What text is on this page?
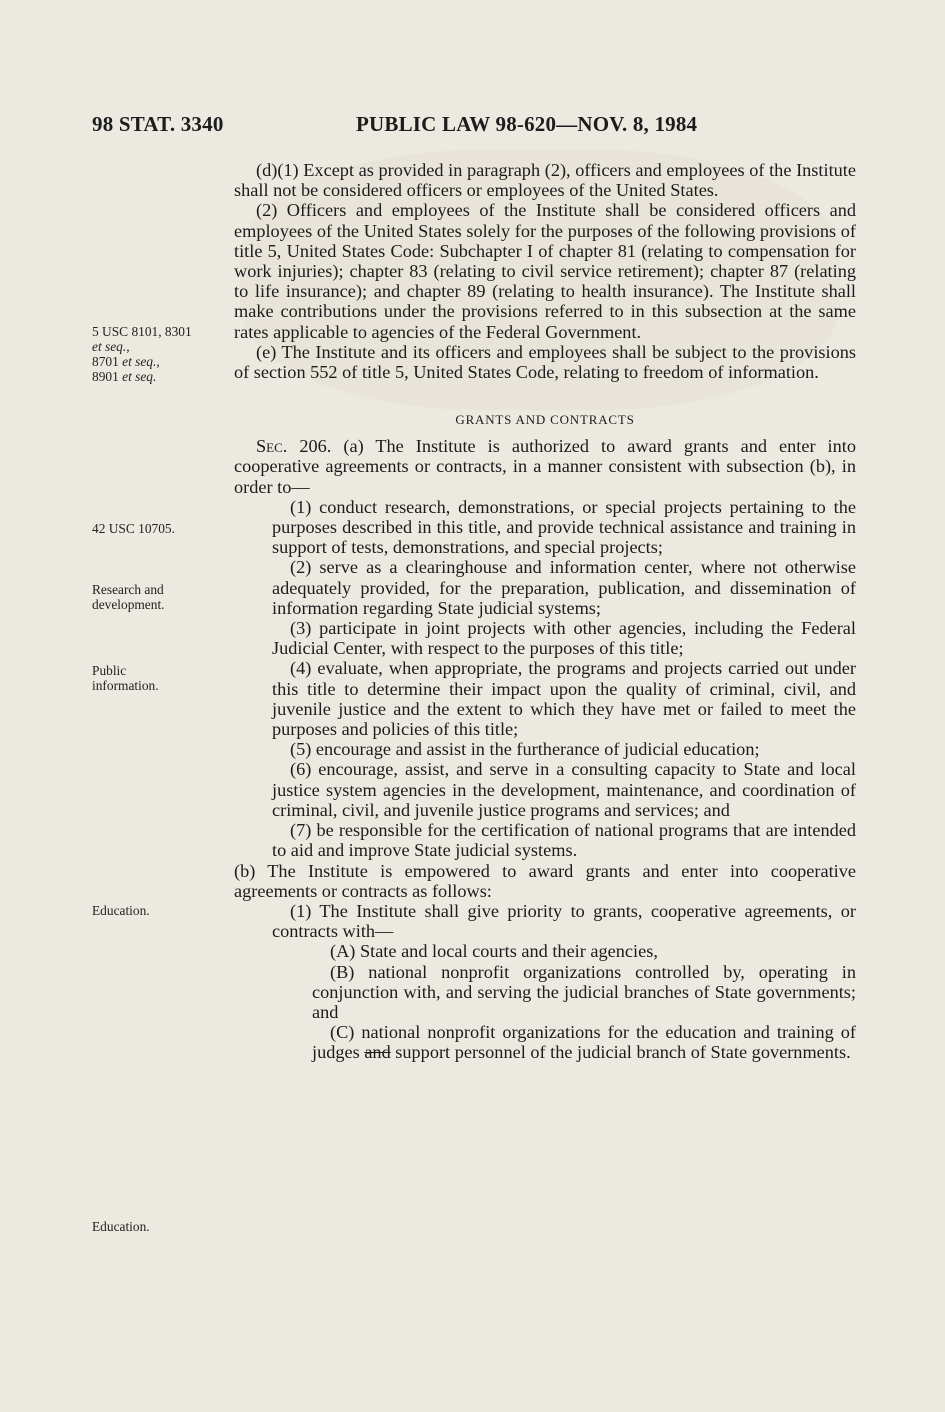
98 STAT. 3340	PUBLIC LAW 98-620—NOV. 8, 1984
5 USC 8101, 8301
et seq.,
8701 et seq.,
8901 et seq.
42 USC 10705.
Research and development.
Public information.
Education.
Education.

(d)(1) Except as provided in paragraph (2), officers and employees of the Institute shall not be considered officers or employees of the United States.

(2) Officers and employees of the Institute shall be considered officers and employees of the United States solely for the purposes of the following provisions of title 5, United States Code: Subchapter I of chapter 81 (relating to compensation for work injuries); chapter 83 (relating to civil service retirement); chapter 87 (relating to life insurance); and chapter 89 (relating to health insurance). The Institute shall make contributions under the provisions referred to in this subsection at the same rates applicable to agencies of the Federal Government.

(e) The Institute and its officers and employees shall be subject to the provisions of section 552 of title 5, United States Code, relating to freedom of information.

GRANTS AND CONTRACTS

Sec. 206. (a) The Institute is authorized to award grants and enter into cooperative agreements or contracts, in a manner consistent with subsection (b), in order to—

(1) conduct research, demonstrations, or special projects pertaining to the purposes described in this title, and provide technical assistance and training in support of tests, demonstrations, and special projects;

(2) serve as a clearinghouse and information center, where not otherwise adequately provided, for the preparation, publication, and dissemination of information regarding State judicial systems;

(3) participate in joint projects with other agencies, including the Federal Judicial Center, with respect to the purposes of this title;

(4) evaluate, when appropriate, the programs and projects carried out under this title to determine their impact upon the quality of criminal, civil, and juvenile justice and the extent to which they have met or failed to meet the purposes and policies of this title;

(5) encourage and assist in the furtherance of judicial education;

(6) encourage, assist, and serve in a consulting capacity to State and local justice system agencies in the development, maintenance, and coordination of criminal, civil, and juvenile justice programs and services; and

(7) be responsible for the certification of national programs that are intended to aid and improve State judicial systems.

(b) The Institute is empowered to award grants and enter into cooperative agreements or contracts as follows:

(1) The Institute shall give priority to grants, cooperative agreements, or contracts with—

(A) State and local courts and their agencies,

(B) national nonprofit organizations controlled by, operating in conjunction with, and serving the judicial branches of State governments; and

(C) national nonprofit organizations for the education and training of judges and support personnel of the judicial branch of State governments.
